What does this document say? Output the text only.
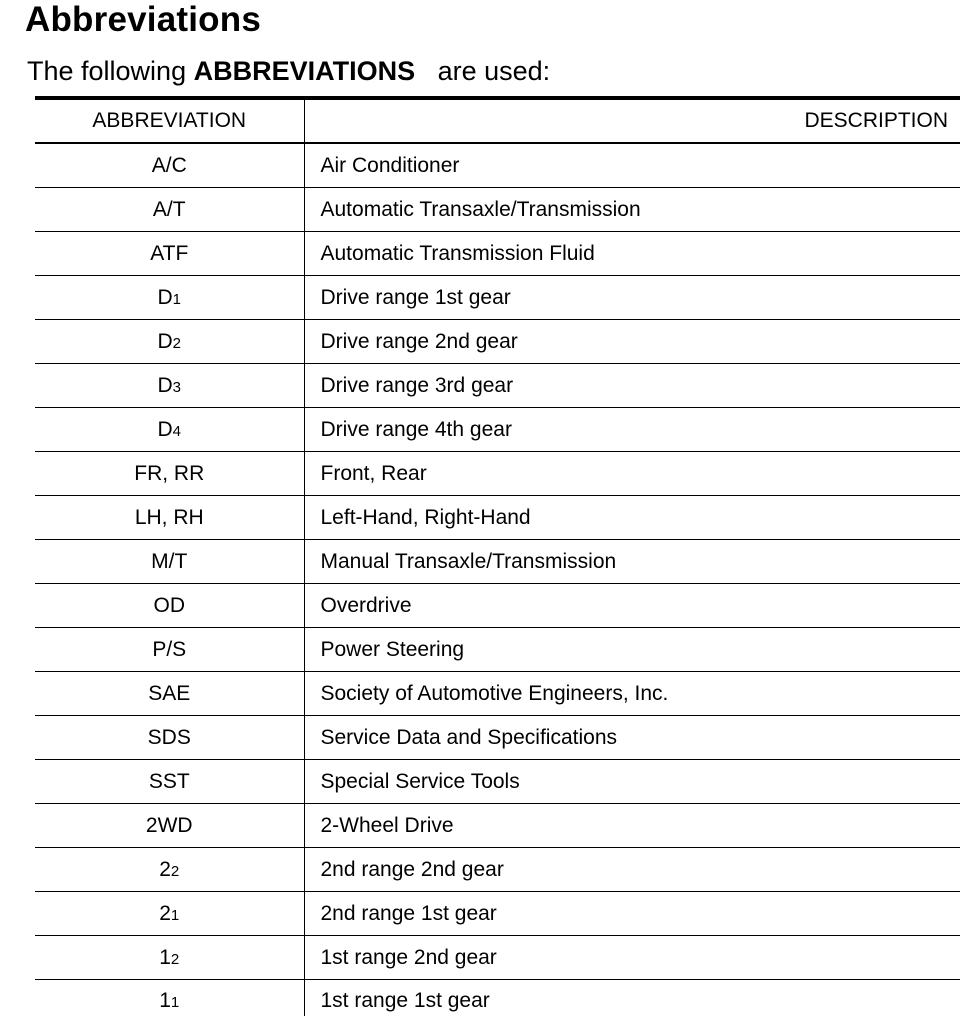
Abbreviations
The following ABBREVIATIONS   are used:
ABBREVIATION	DESCRIPTION
A/C	Air Conditioner
A/T	Automatic Transaxle/Transmission
ATF	Automatic Transmission Fluid
D1	Drive range 1st gear
D2	Drive range 2nd gear
D3	Drive range 3rd gear
D4	Drive range 4th gear
FR, RR	Front, Rear
LH, RH	Left-Hand, Right-Hand
M/T	Manual Transaxle/Transmission
OD	Overdrive
P/S	Power Steering
SAE	Society of Automotive Engineers, Inc.
SDS	Service Data and Specifications
SST	Special Service Tools
2WD	2-Wheel Drive
22	2nd range 2nd gear
21	2nd range 1st gear
12	1st range 2nd gear
11	1st range 1st gear
